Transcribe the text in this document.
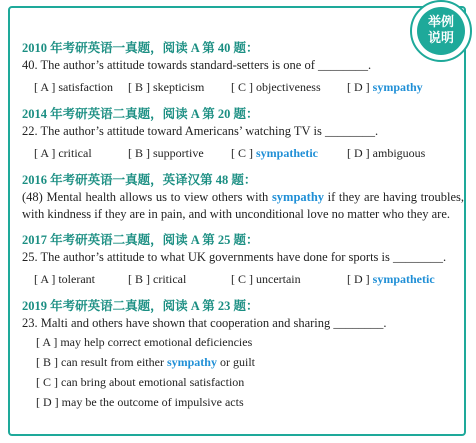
举例
说明
2010 年考研英语一真题，阅读 A 第 40 题：
40. The author’s attitude towards standard-setters is one of ________.
[ A ] satisfaction [ B ] skepticism [ C ] objectiveness [ D ] sympathy
2014 年考研英语二真题，阅读 A 第 20 题：
22. The author’s attitude toward Americans’ watching TV is ________.
[ A ] critical	[ B ] supportive [ C ] sympathetic [ D ] ambiguous
2016 年考研英语一真题，英译汉第 48 题：
(48) Mental health allows us to view others with sympathy if they are having troubles, with kindness if they are in pain, and with unconditional love no matter who they are.
2017 年考研英语二真题，阅读 A 第 25 题：
25. The author’s attitude to what UK governments have done for sports is ________.
[ A ] tolerant	[ B ] critical	[ C ] uncertain	[ D ] sympathetic
2019 年考研英语二真题，阅读 A 第 23 题：
23. Malti and others have shown that cooperation and sharing ________.
[ A ] may help correct emotional deficiencies
[ B ] can result from either sympathy or guilt
[ C ] can bring about emotional satisfaction
[ D ] may be the outcome of impulsive acts
